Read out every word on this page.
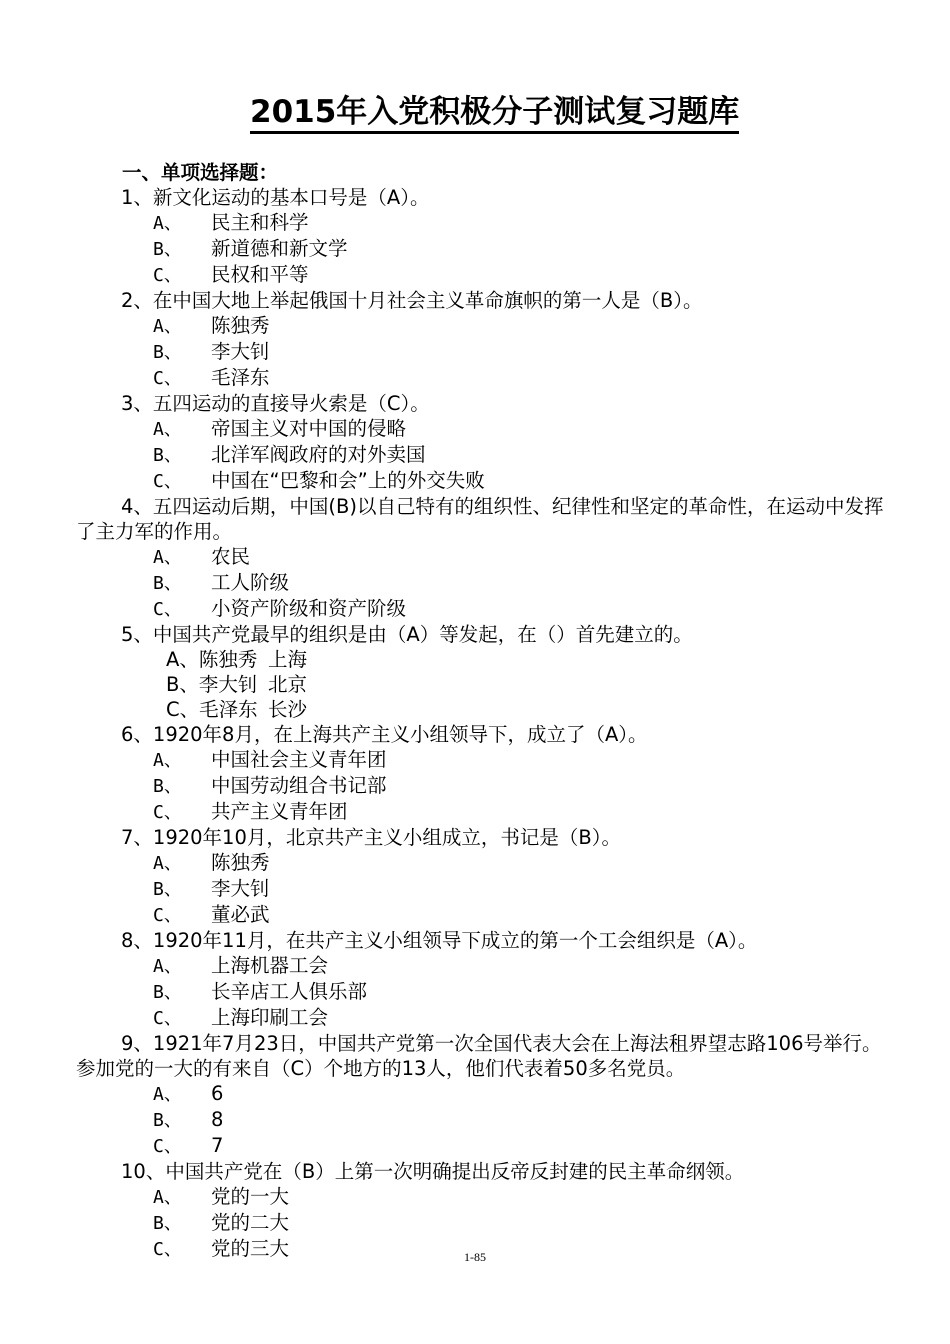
2015年入党积极分子测试复习题库
一、单项选择题：
1、新文化运动的基本口号是（A）。
A、 民主和科学
B、 新道德和新文学
C、 民权和平等
2、在中国大地上举起俄国十月社会主义革命旗帜的第一人是（B）。
A、 陈独秀
B、 李大钊
C、 毛泽东
3、五四运动的直接导火索是（C）。
A、 帝国主义对中国的侵略
B、 北洋军阀政府的对外卖国
C、 中国在“巴黎和会”上的外交失败
4、五四运动后期，中国(B)以自己特有的组织性、纪律性和坚定的革命性，在运动中发挥了主力军的作用。
A、 农民
B、 工人阶级
C、 小资产阶级和资产阶级
5、中国共产党最早的组织是由（A）等发起，在（）首先建立的。
A、陈独秀 上海
B、李大钊 北京
C、毛泽东 长沙
6、1920年8月，在上海共产主义小组领导下，成立了（A）。
A、 中国社会主义青年团
B、 中国劳动组合书记部
C、 共产主义青年团
7、1920年10月，北京共产主义小组成立，书记是（B）。
A、 陈独秀
B、 李大钊
C、 董必武
8、1920年11月，在共产主义小组领导下成立的第一个工会组织是（A）。
A、 上海机器工会
B、 长辛店工人俱乐部
C、 上海印刷工会
9、1921年7月23日，中国共产党第一次全国代表大会在上海法租界望志路106号举行。参加党的一大的有来自（C）个地方的13人，他们代表着50多名党员。
A、 6
B、 8
C、 7
10、中国共产党在（B）上第一次明确提出反帝反封建的民主革命纲领。
A、 党的一大
B、 党的二大
C、 党的三大	1-85
